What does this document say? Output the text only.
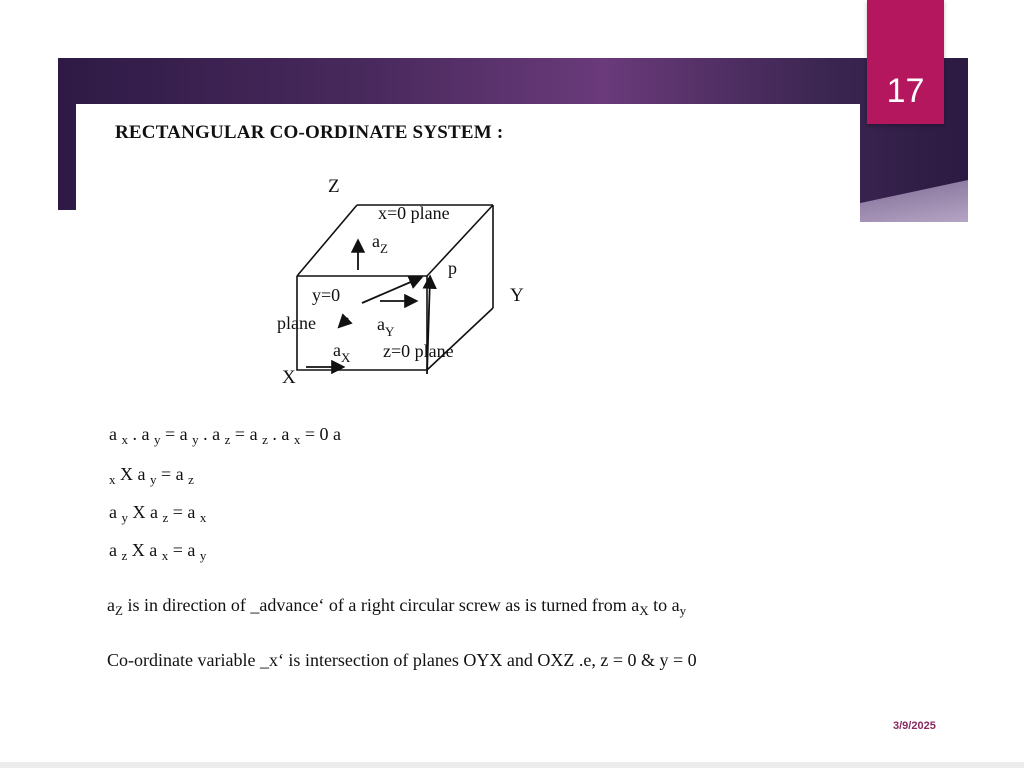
17
RECTANGULAR CO-ORDINATE SYSTEM :
Z
x=0 plane
$a_Z$
p
Y
y=0
plane	$a_Y$
$a_X$ z=0 plane
X
a $_x$ . a $_y$ = a $_y$ . a $_z$ = a $_z$ . a $_x$ = 0 a
$_x$ X a $_y$ = a $_z$
a $_y$ X a $_z$ = a $_x$
a $_z$ X a $_x$ = a $_y$
$a_Z$ is in direction of _advance‘ of a right circular screw as is turned from $a_X$ to $a_y$
Co-ordinate variable _x‘ is intersection of planes OYX and OXZ .e, z = 0 & y = 0
3/9/2025
